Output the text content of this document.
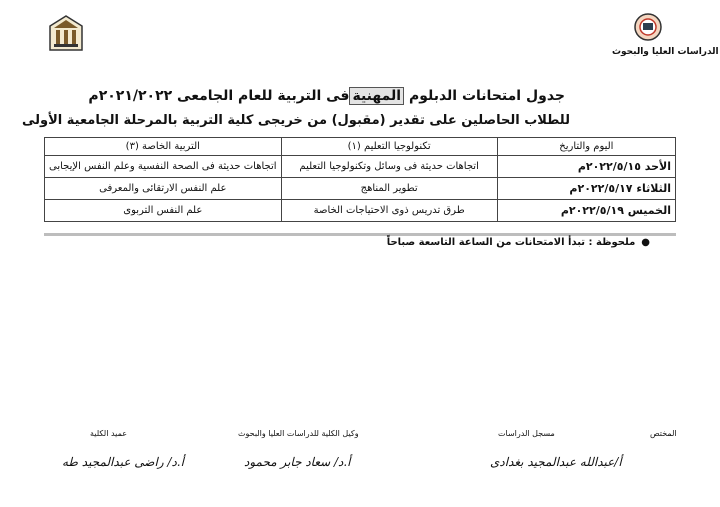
الدراسات العليا والبحوث
جدول امتحانات الدبلوم المهنيةفى التربية للعام الجامعى ٢٠٢١/٢٠٢٢م
للطلاب الحاصلين على تقدير (مقبول) من خريجى كلية التربية بالمرحلة الجامعية الأولى
اليوم والتاريخ	تكنولوجيا التعليم (١)	التربية الخاصة (٣)
الأحد ٢٠٢٢/٥/١٥م	اتجاهات حديثة فى وسائل وتكنولوجيا التعليم	اتجاهات حديثة فى الصحة النفسية وعلم النفس الإيجابى
الثلاثاء ٢٠٢٢/٥/١٧م	تطوير المناهج	علم النفس الارتقائى والمعرفى
الخميس ٢٠٢٢/٥/١٩م	طرق تدريس ذوى الاحتياجات الخاصة	علم النفس التربوى
●ملحوظة : تبدأ الامتحانات من الساعة التاسعة صباحاً
المختص
مسجل الدراسات
وكيل الكلية للدراسات العليا والبحوث
عميد الكلية
أ/عبدالله عبدالمجيد بغدادى
أ.د/ سعاد جابر محمود
أ.د/ راضى عبدالمجيد طه
